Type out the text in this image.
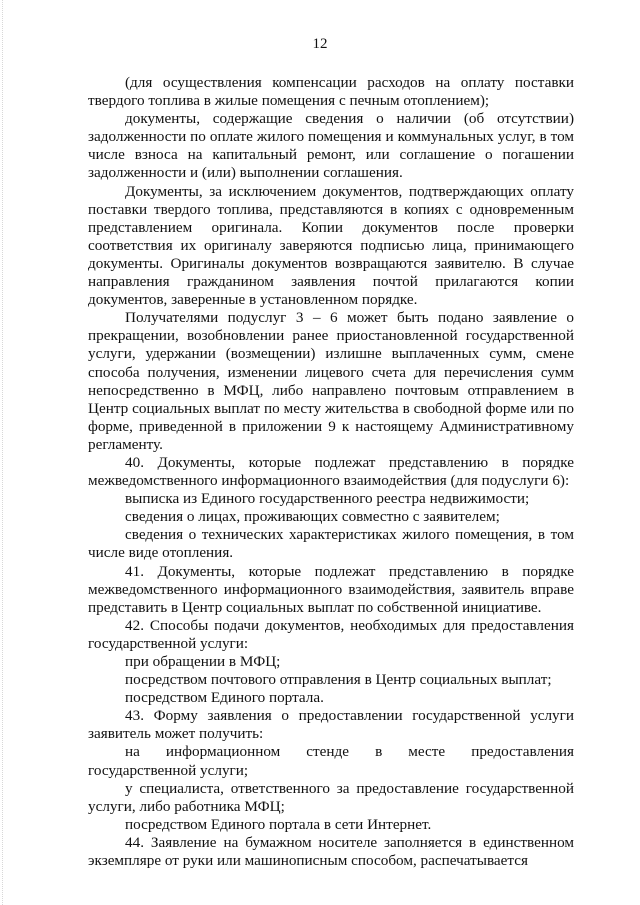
12

(для осуществления компенсации расходов на оплату поставки твердого топлива в жилые помещения с печным отоплением);

документы, содержащие сведения о наличии (об отсутствии) задолженности по оплате жилого помещения и коммунальных услуг, в том числе взноса на капитальный ремонт, или соглашение о погашении задолженности и (или) выполнении соглашения.

Документы, за исключением документов, подтверждающих оплату поставки твердого топлива, представляются в копиях с одновременным представлением оригинала. Копии документов после проверки соответствия их оригиналу заверяются подписью лица, принимающего документы. Оригиналы документов возвращаются заявителю. В случае направления гражданином заявления почтой прилагаются копии документов, заверенные в установленном порядке.

Получателями подуслуг 3 – 6 может быть подано заявление о прекращении, возобновлении ранее приостановленной государственной услуги, удержании (возмещении) излишне выплаченных сумм, смене способа получения, изменении лицевого счета для перечисления сумм непосредственно в МФЦ, либо направлено почтовым отправлением в Центр социальных выплат по месту жительства в свободной форме или по форме, приведенной в приложении 9 к настоящему Административному регламенту.

40. Документы, которые подлежат представлению в порядке межведомственного информационного взаимодействия (для подуслуги 6):

выписка из Единого государственного реестра недвижимости;

сведения о лицах, проживающих совместно с заявителем;

сведения о технических характеристиках жилого помещения, в том числе виде отопления.

41. Документы, которые подлежат представлению в порядке межведомственного информационного взаимодействия, заявитель вправе представить в Центр социальных выплат по собственной инициативе.

42. Способы подачи документов, необходимых для предоставления государственной услуги:

при обращении в МФЦ;

посредством почтового отправления в Центр социальных выплат;

посредством Единого портала.

43. Форму заявления о предоставлении государственной услуги заявитель может получить:

на информационном стенде в месте предоставления государственной услуги;

у специалиста, ответственного за предоставление государственной услуги, либо работника МФЦ;

посредством Единого портала в сети Интернет.

44. Заявление на бумажном носителе заполняется в единственном экземпляре от руки или машинописным способом, распечатывается
